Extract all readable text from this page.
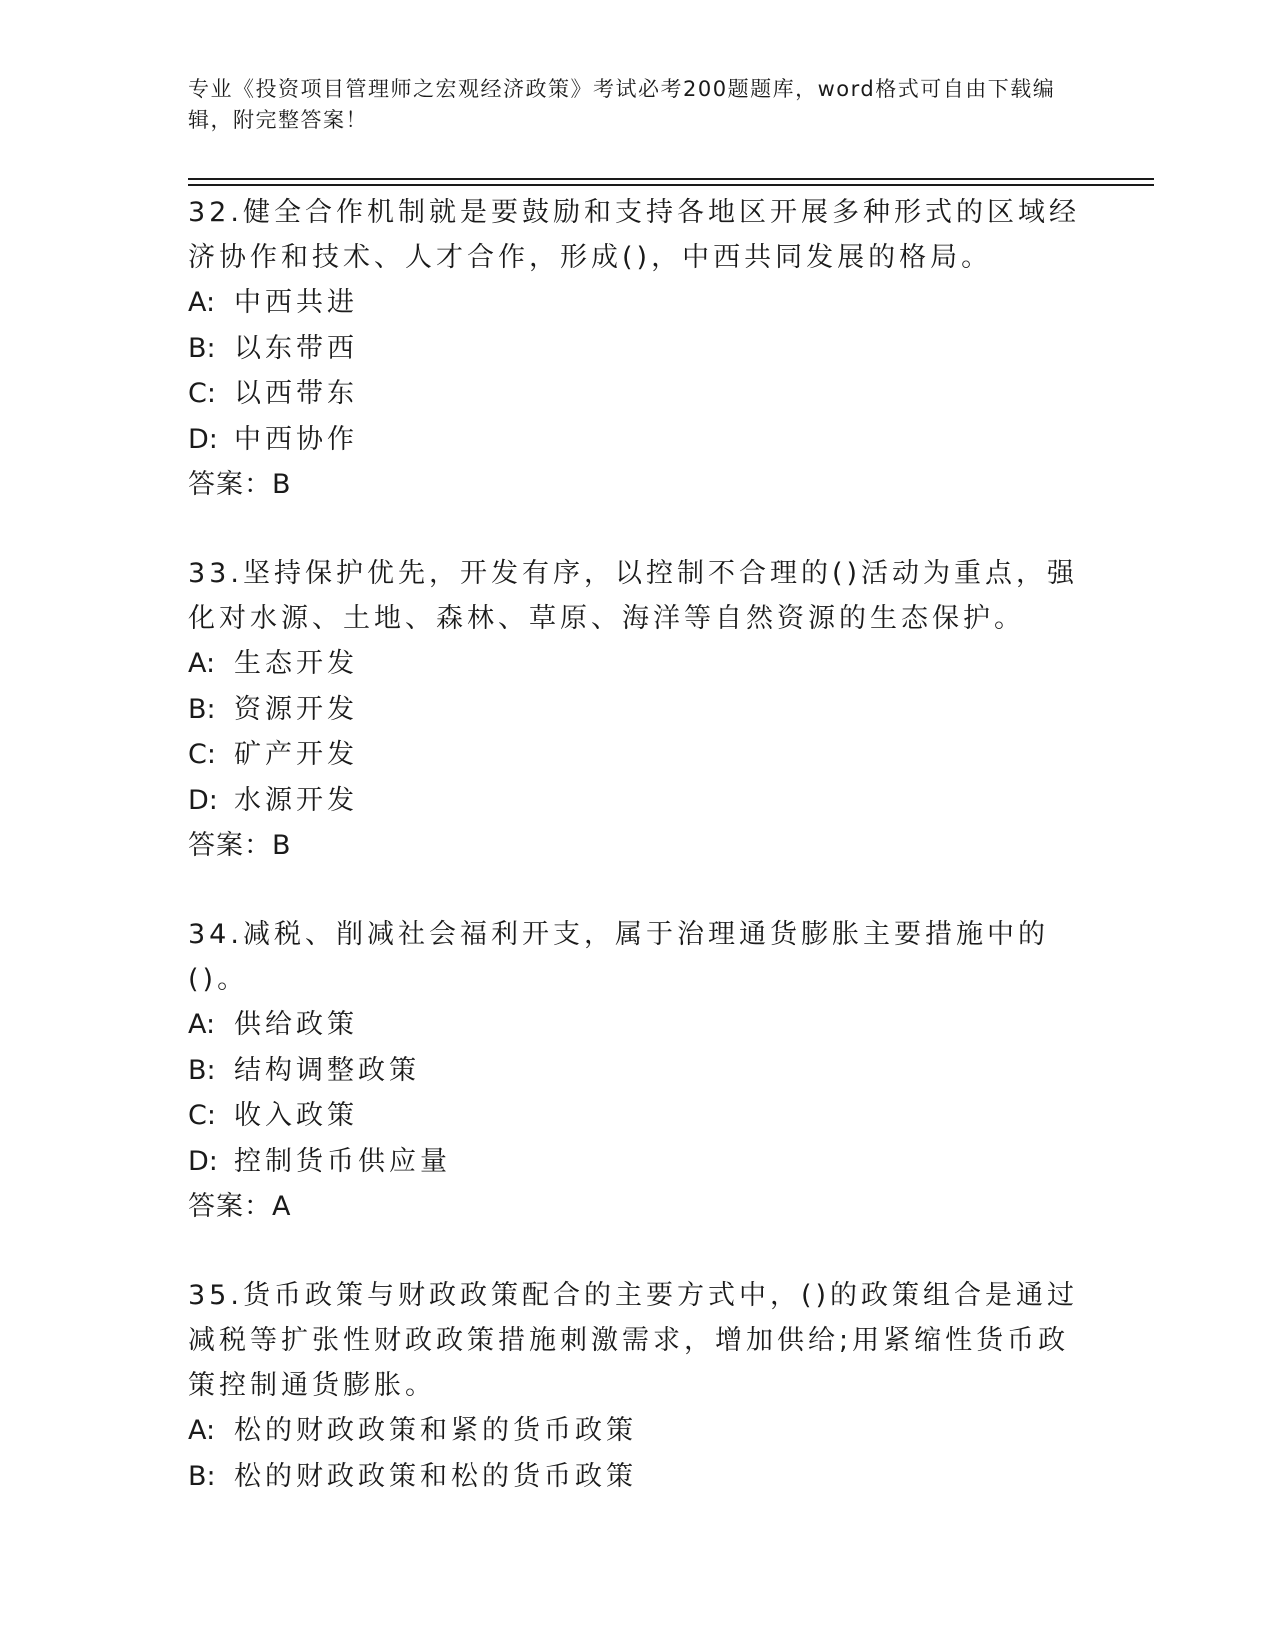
专业《投资项目管理师之宏观经济政策》考试必考200题题库，word格式可自由下载编辑，附完整答案！
32.健全合作机制就是要鼓励和支持各地区开展多种形式的区域经济协作和技术、人才合作，形成()，中西共同发展的格局。
A: 中西共进
B: 以东带西
C: 以西带东
D: 中西协作
答案：B
33.坚持保护优先，开发有序，以控制不合理的()活动为重点，强化对水源、土地、森林、草原、海洋等自然资源的生态保护。
A: 生态开发
B: 资源开发
C: 矿产开发
D: 水源开发
答案：B
34.减税、削减社会福利开支，属于治理通货膨胀主要措施中的()。
A: 供给政策
B: 结构调整政策
C: 收入政策
D: 控制货币供应量
答案：A
35.货币政策与财政政策配合的主要方式中，()的政策组合是通过减税等扩张性财政政策措施刺激需求，增加供给;用紧缩性货币政策控制通货膨胀。
A: 松的财政政策和紧的货币政策
B: 松的财政政策和松的货币政策
